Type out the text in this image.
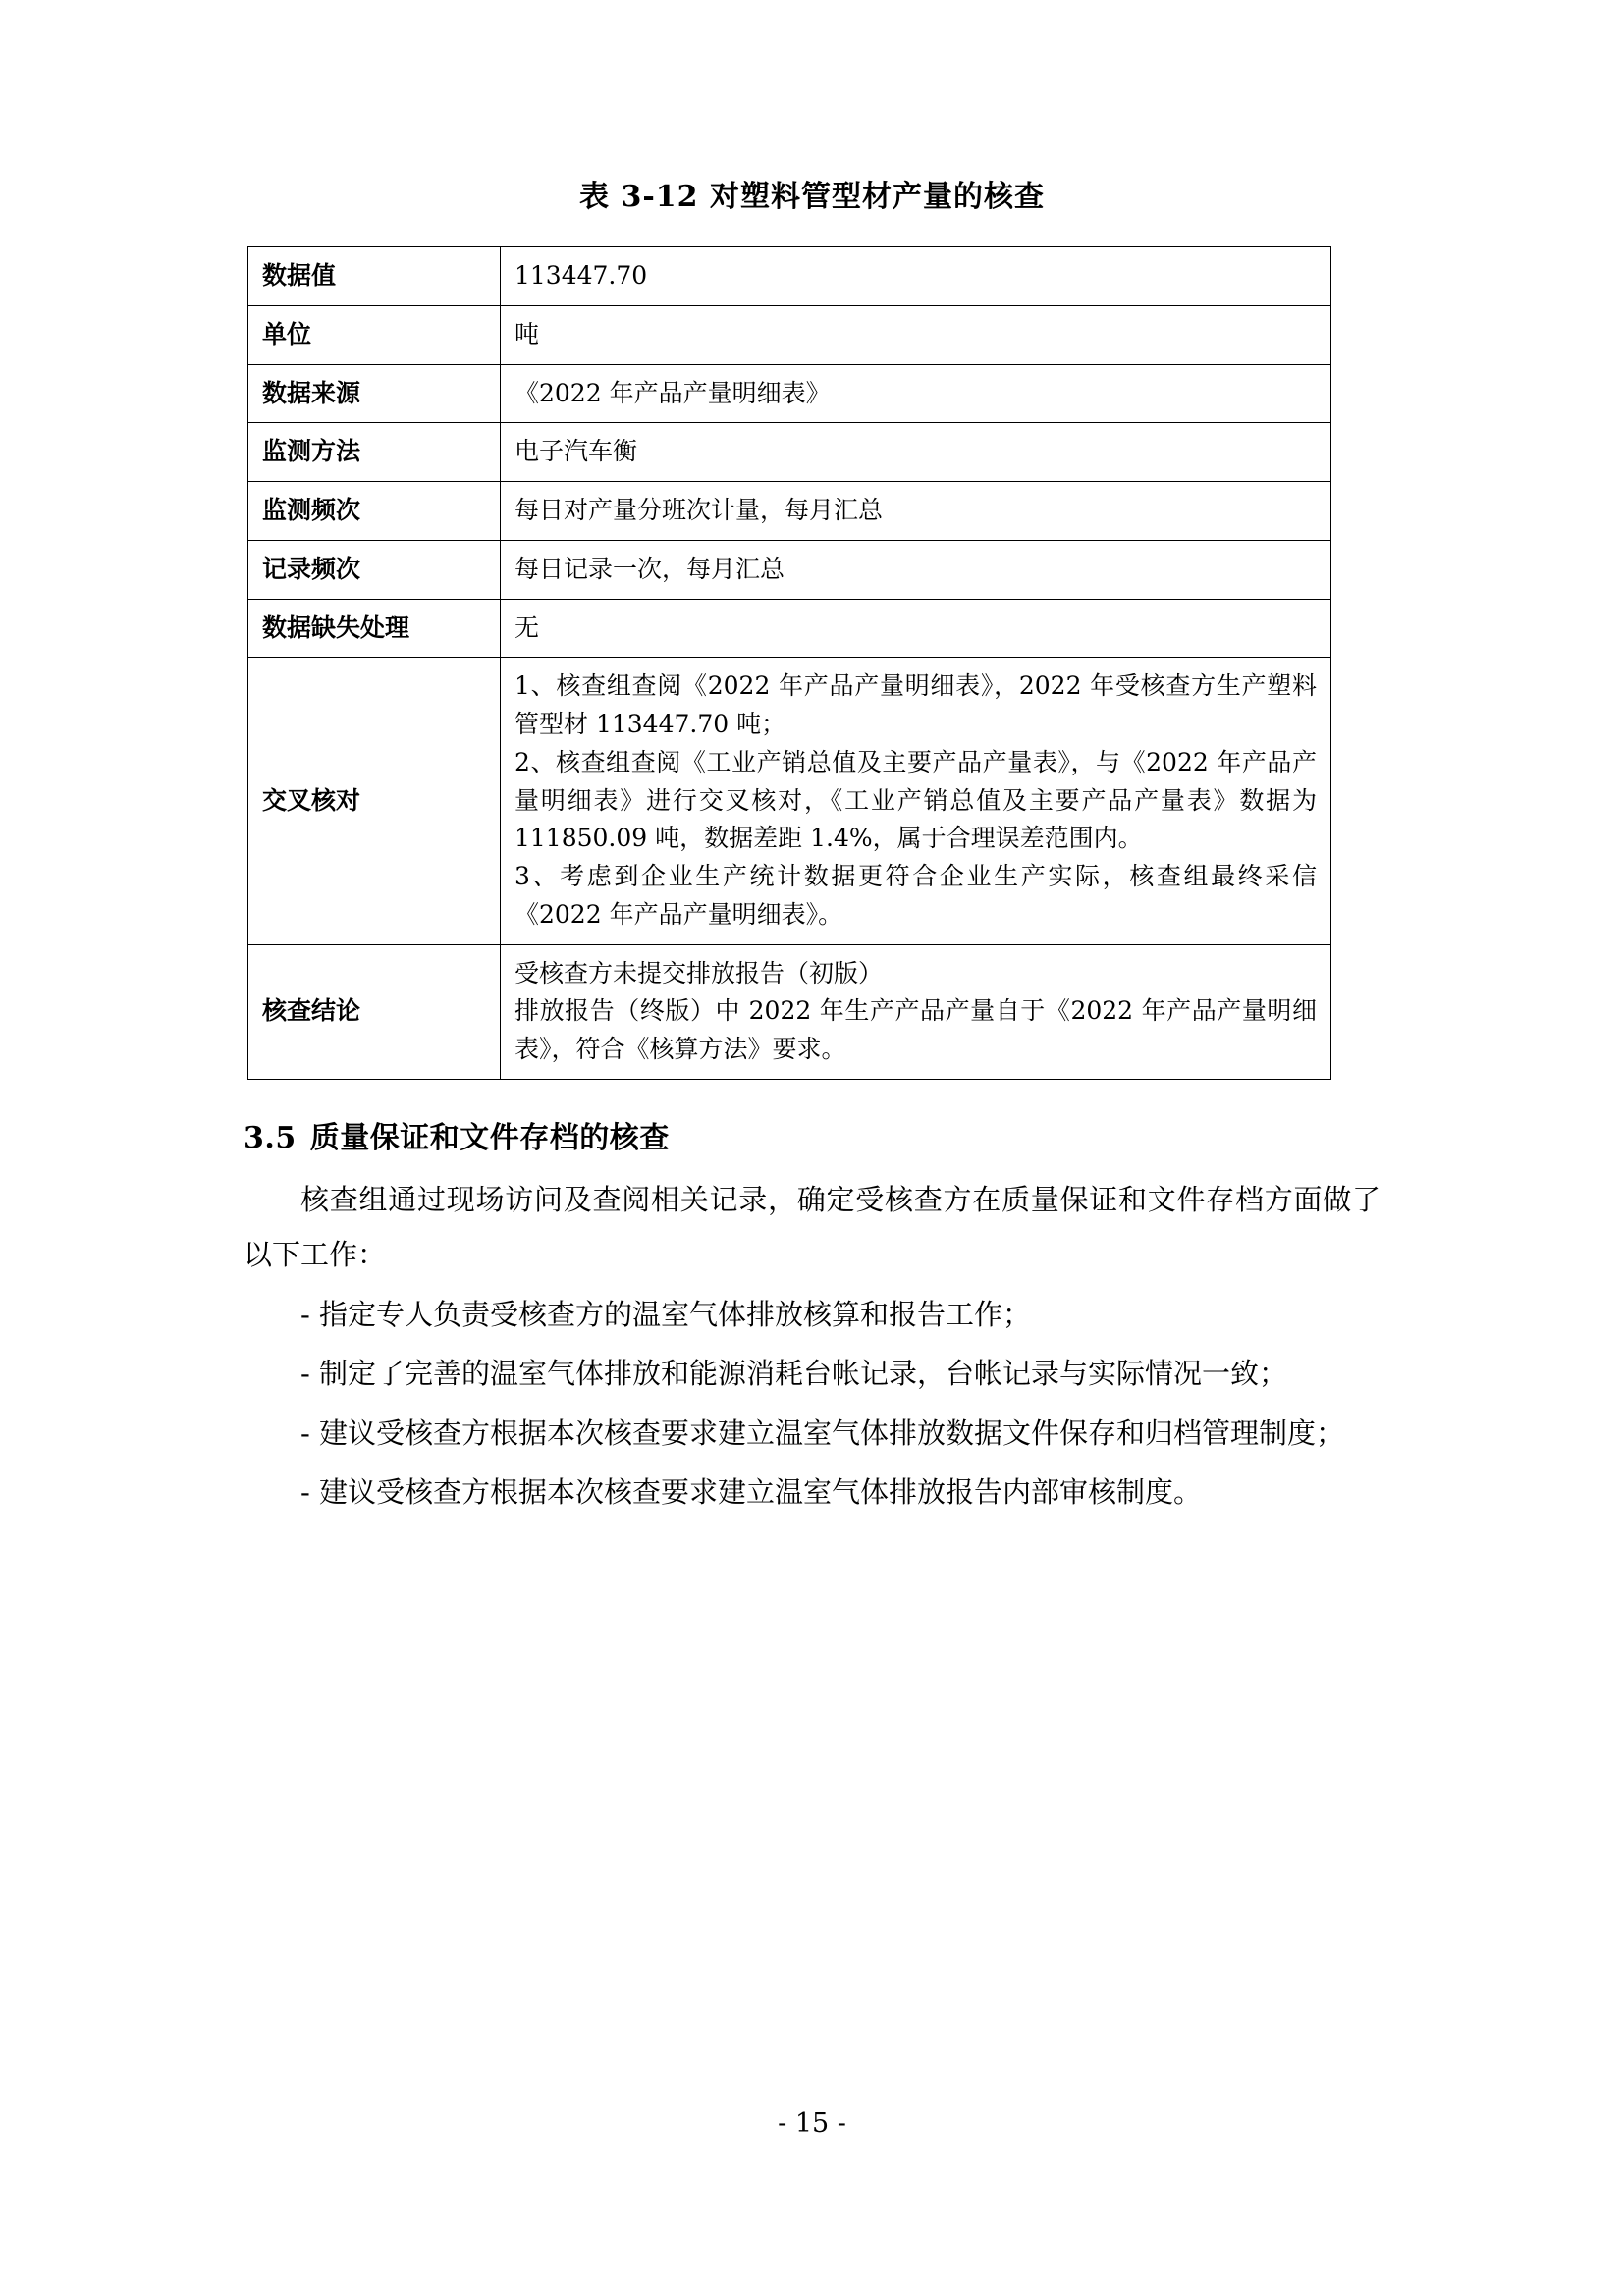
表 3-12 对塑料管型材产量的核查
数据值	113447.70
单位	吨
数据来源	《2022 年产品产量明细表》
监测方法	电子汽车衡
监测频次	每日对产量分班次计量，每月汇总
记录频次	每日记录一次，每月汇总
数据缺失处理	无
交叉核对	1、核查组查阅《2022 年产品产量明细表》，2022 年受核查方生产塑料管型材 113447.70 吨；
2、核查组查阅《工业产销总值及主要产品产量表》，与《2022 年产品产量明细表》进行交叉核对，《工业产销总值及主要产品产量表》数据为 111850.09 吨，数据差距 1.4%，属于合理误差范围内。
3、考虑到企业生产统计数据更符合企业生产实际，核查组最终采信《2022 年产品产量明细表》。

核查结论	受核查方未提交排放报告（初版）
排放报告（终版）中 2022 年生产产品产量自于《2022 年产品产量明细表》，符合《核算方法》要求。
3.5 质量保证和文件存档的核查
核查组通过现场访问及查阅相关记录，确定受核查方在质量保证和文件存档方面做了以下工作：
- 指定专人负责受核查方的温室气体排放核算和报告工作；
- 制定了完善的温室气体排放和能源消耗台帐记录，台帐记录与实际情况一致；
- 建议受核查方根据本次核查要求建立温室气体排放数据文件保存和归档管理制度；
- 建议受核查方根据本次核查要求建立温室气体排放报告内部审核制度。
- 15 -
